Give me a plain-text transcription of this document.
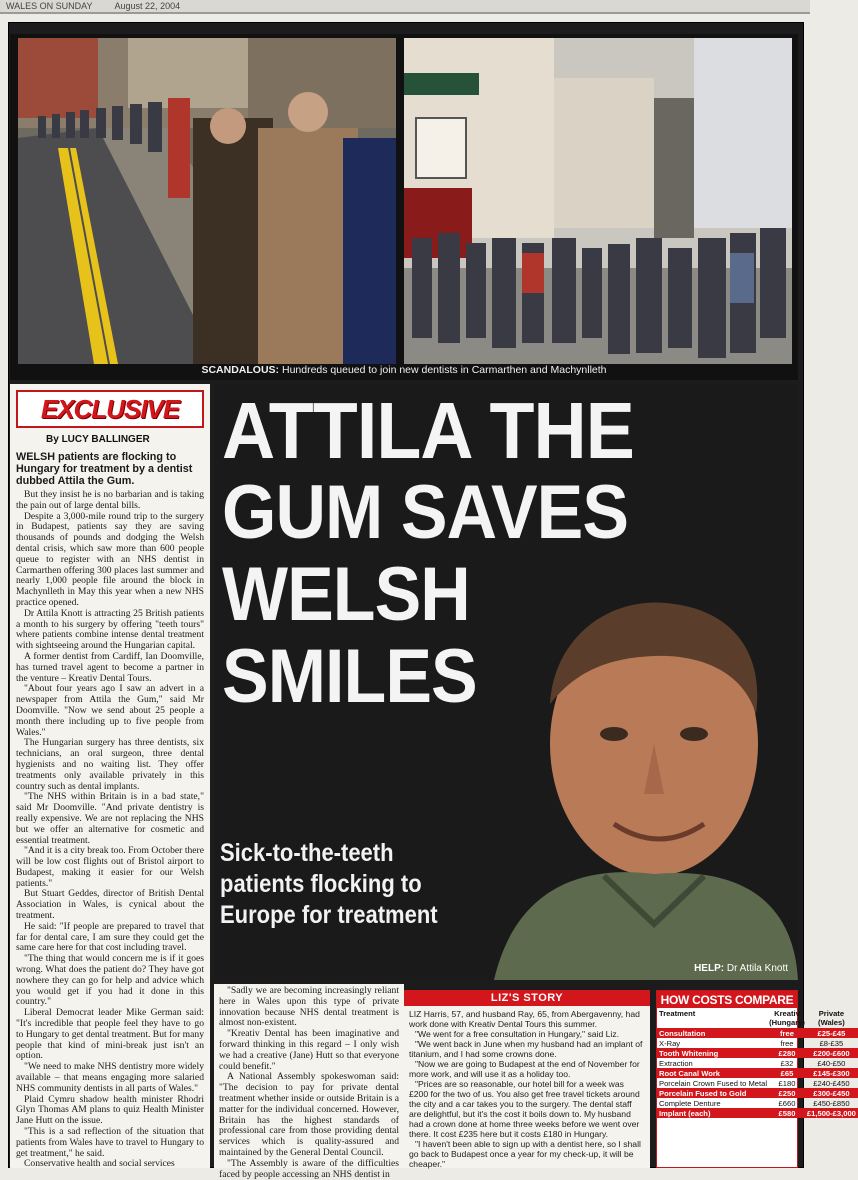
WALES ON SUNDAY August 22, 2004
SCANDALOUS: Hundreds queued to join new dentists in Carmarthen and Machynlleth
EXCLUSIVE
By LUCY BALLINGER

WELSH patients are flocking to Hungary for treatment by a dentist dubbed Attila the Gum.

But they insist he is no barbarian and is taking the pain out of large dental bills.

Despite a 3,000-mile round trip to the surgery in Budapest, patients say they are saving thousands of pounds and dodging the Welsh dental crisis, which saw more than 600 people queue to register with an NHS dentist in Carmarthen offering 300 places last summer and nearly 1,000 people file around the block in Machynlleth in May this year when a new NHS practice opened.

Dr Attila Knott is attracting 25 British patients a month to his surgery by offering "teeth tours" where patients combine intense dental treatment with sightseeing around the Hungarian capital.

A former dentist from Cardiff, Ian Doomville, has turned travel agent to become a partner in the venture – Kreativ Dental Tours.

"About four years ago I saw an advert in a newspaper from Attila the Gum," said Mr Doomville. "Now we send about 25 people a month there including up to five people from Wales."

The Hungarian surgery has three dentists, six technicians, an oral surgeon, three dental hygienists and no waiting list. They offer treatments only available privately in this country such as dental implants.

"The NHS within Britain is in a bad state," said Mr Doomville. "And private dentistry is really expensive. We are not replacing the NHS but we offer an alternative for cosmetic and essential treatment.

"And it is a city break too. From October there will be low cost flights out of Bristol airport to Budapest, making it easier for our Welsh patients."

But Stuart Geddes, director of British Dental Association in Wales, is cynical about the treatment.

He said: "If people are prepared to travel that far for dental care, I am sure they could get the same care here for that cost including travel.

"The thing that would concern me is if it goes wrong. What does the patient do? They have got nowhere they can go for help and advice which you would get if you had it done in this country."

Liberal Democrat leader Mike German said: "It's incredible that people feel they have to go to Hungary to get dental treatment. But for many people that kind of mini-break just isn't an option.

"We need to make NHS dentistry more widely available – that means engaging more salaried NHS community dentists in all parts of Wales."

Plaid Cymru shadow health minister Rhodri Glyn Thomas AM plans to quiz Health Minister Jane Hutt on the issue.

"This is a sad reflection of the situation that patients from Wales have to travel to Hungary to get treatment," he said.

Conservative health and social services

ATTILA THE
GUM SAVES
WELSH
SMILES
Sick-to-the-teeth
patients flocking to
Europe for treatment
HELP: Dr Attila Knott

"Sadly we are becoming increasingly reliant here in Wales upon this type of private innovation because NHS dental treatment is almost non-existent.

"Kreativ Dental has been imaginative and forward thinking in this regard – I only wish we had a creative (Jane) Hutt so that everyone could benefit."

A National Assembly spokeswoman said: "The decision to pay for private dental treatment whether inside or outside Britain is a matter for the individual concerned. However, Britain has the highest standards of professional care from those providing dental services which is quality-assured and maintained by the General Dental Council.

"The Assembly is aware of the difficulties faced by people accessing an NHS dentist in

LIZ'S STORY

LIZ Harris, 57, and husband Ray, 65, from Abergavenny, had work done with Kreativ Dental Tours this summer.

"We went for a free consultation in Hungary," said Liz.

"We went back in June when my husband had an implant of titanium, and I had some crowns done.

"Now we are going to Budapest at the end of November for more work, and will use it as a holiday too.

"Prices are so reasonable, our hotel bill for a week was £200 for the two of us. You also get free travel tickets around the city and a car takes you to the surgery. The dental staff are delightful, but it's the cost it boils down to. My husband had a crown done at home three weeks before we went over there. It cost £235 here but it costs £180 in Hungary.

"I haven't been able to sign up with a dentist here, so I shall go back to Budapest once a year for my check-up, it will be cheaper."

HOW COSTS COMPARE
Treatment	Kreativ (Hungary)	Private (Wales)
Consultation	free	£25-£45
X-Ray	free	£8-£35
Tooth Whitening	£280	£200-£600
Extraction	£32	£40-£50
Root Canal Work	£65	£145-£300
Porcelain Crown Fused to Metal	£180	£240-£450
Porcelain Fused to Gold	£250	£300-£450
Complete Denture	£660	£450-£850
Implant (each)	£580	£1,500-£3,000
